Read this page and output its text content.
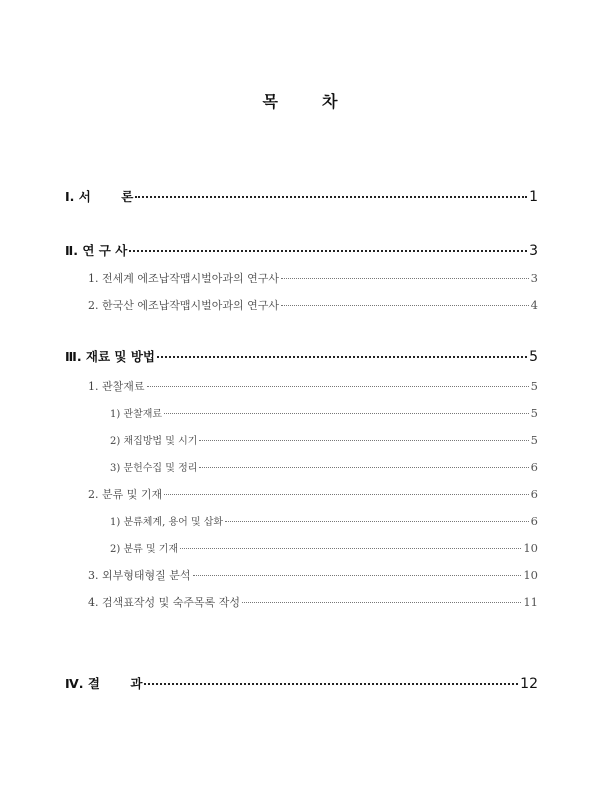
목	차
Ⅰ. 서       론	1
Ⅱ. 연 구 사	3
1. 전세계 에조납작맵시벌아과의 연구사	3
2. 한국산 에조납작맵시벌아과의 연구사	4
Ⅲ. 재료 및 방법	5
1. 관찰재료	5
1) 관찰재료	5
2) 채집방법 및 시기	5
3) 문헌수집 및 정리	6
2. 분류 및 기재	6
1) 분류체계, 용어 및 삽화	6
2) 분류 및 기재	10
3. 외부형태형질 분석	10
4. 검색표작성 및 숙주목록 작성	11
Ⅳ. 결       과	12
